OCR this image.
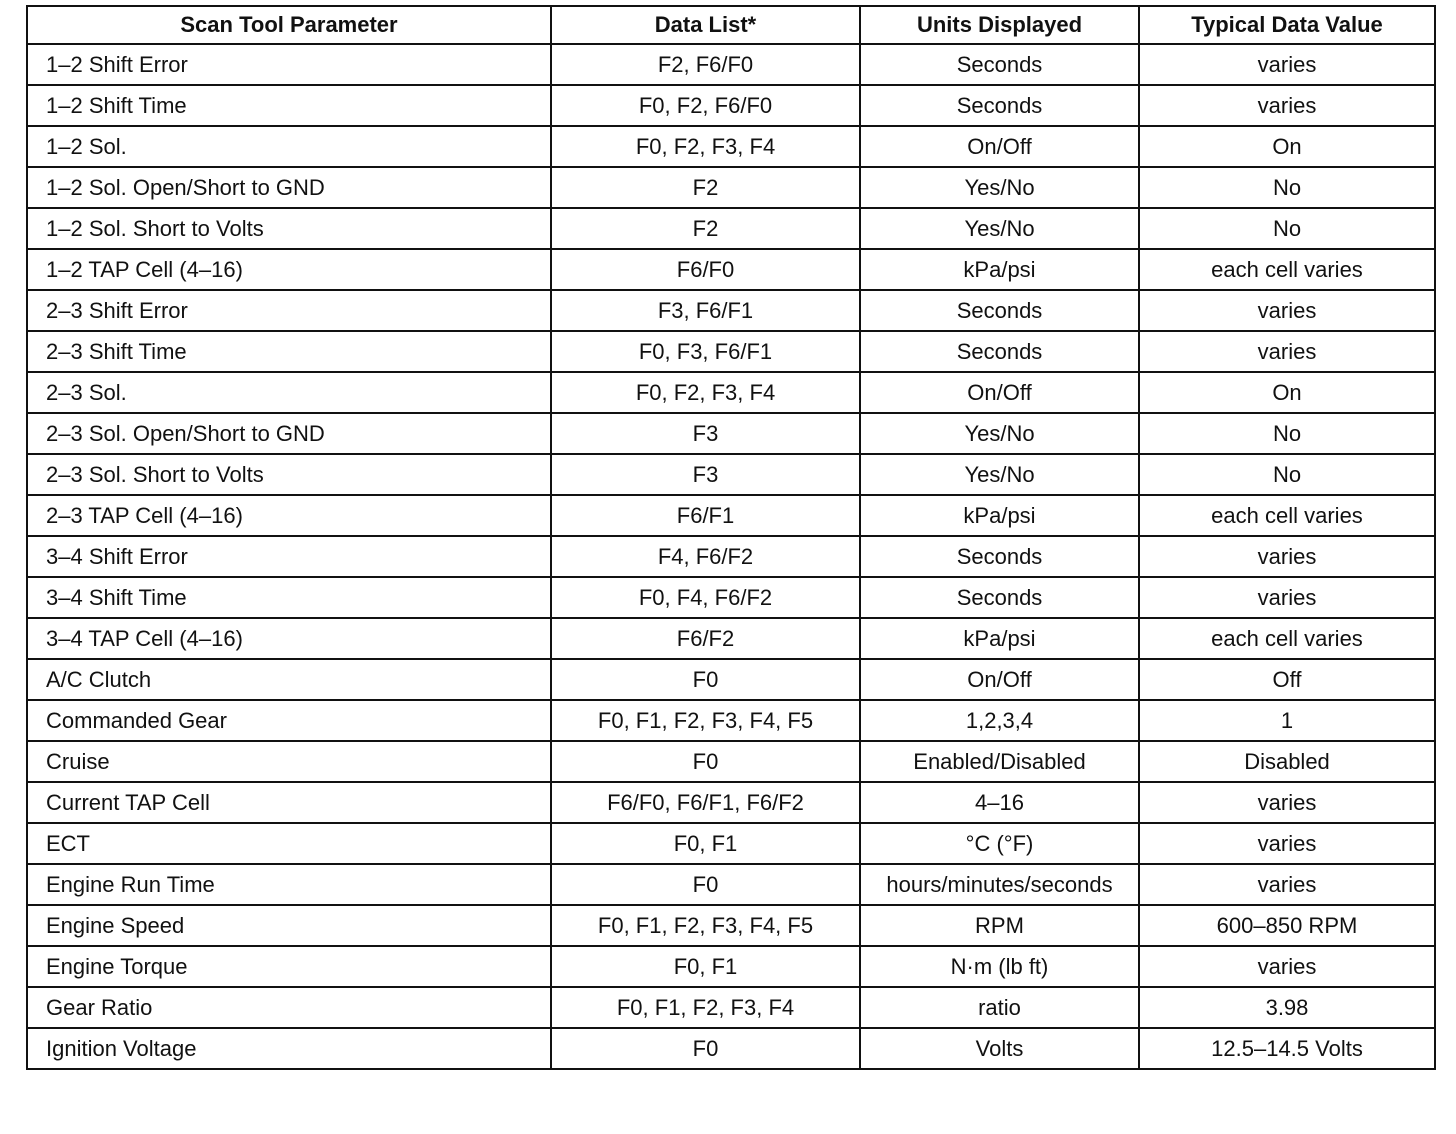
Scan Tool Parameter	Data List*	Units Displayed	Typical Data Value
1–2 Shift Error	F2, F6/F0	Seconds	varies
1–2 Shift Time	F0, F2, F6/F0	Seconds	varies
1–2 Sol.	F0, F2, F3, F4	On/Off	On
1–2 Sol. Open/Short to GND	F2	Yes/No	No
1–2 Sol. Short to Volts	F2	Yes/No	No
1–2 TAP Cell (4–16)	F6/F0	kPa/psi	each cell varies
2–3 Shift Error	F3, F6/F1	Seconds	varies
2–3 Shift Time	F0, F3, F6/F1	Seconds	varies
2–3 Sol.	F0, F2, F3, F4	On/Off	On
2–3 Sol. Open/Short to GND	F3	Yes/No	No
2–3 Sol. Short to Volts	F3	Yes/No	No
2–3 TAP Cell (4–16)	F6/F1	kPa/psi	each cell varies
3–4 Shift Error	F4, F6/F2	Seconds	varies
3–4 Shift Time	F0, F4, F6/F2	Seconds	varies
3–4 TAP Cell (4–16)	F6/F2	kPa/psi	each cell varies
A/C Clutch	F0	On/Off	Off
Commanded Gear	F0, F1, F2, F3, F4, F5	1,2,3,4	1
Cruise	F0	Enabled/Disabled	Disabled
Current TAP Cell	F6/F0, F6/F1, F6/F2	4–16	varies
ECT	F0, F1	°C (°F)	varies
Engine Run Time	F0	hours/minutes/seconds	varies
Engine Speed	F0, F1, F2, F3, F4, F5	RPM	600–850 RPM
Engine Torque	F0, F1	N·m (lb ft)	varies
Gear Ratio	F0, F1, F2, F3, F4	ratio	3.98
Ignition Voltage	F0	Volts	12.5–14.5 Volts
